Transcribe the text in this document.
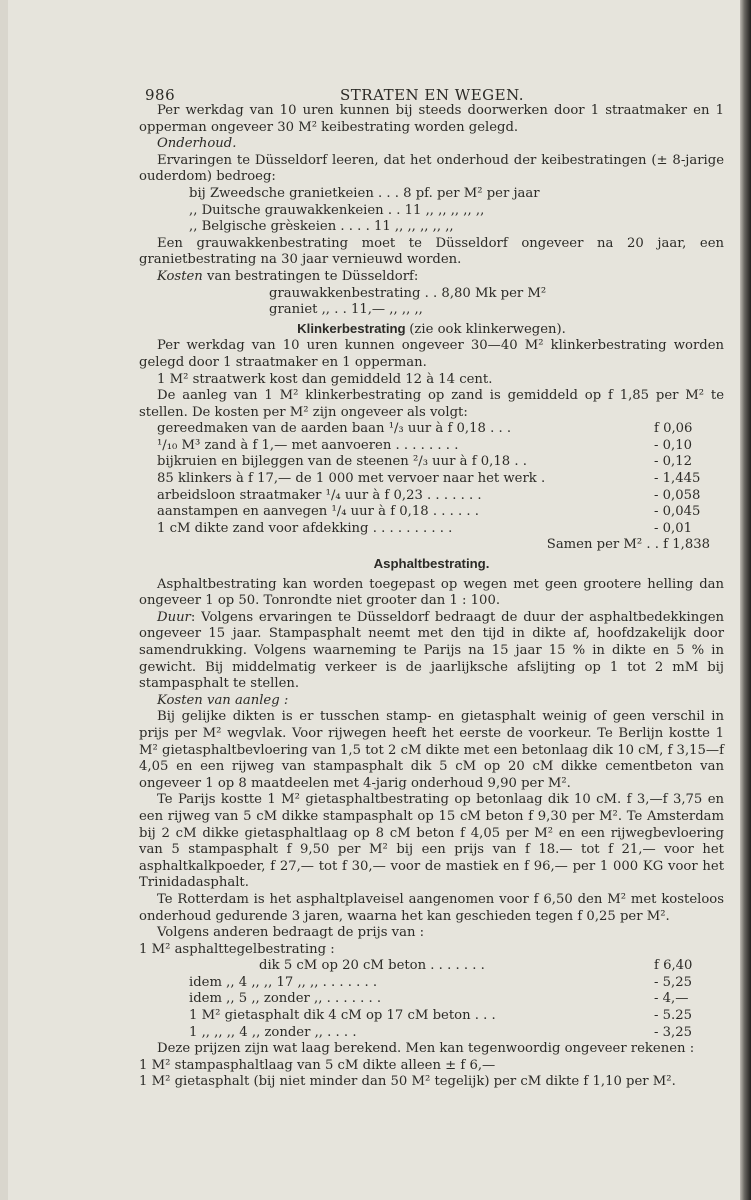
986	STRATEN EN WEGEN.

Per werkdag van 10 uren kunnen bij steeds doorwerken door 1 straatmaker en 1 opperman ongeveer 30 M² keibestrating worden gelegd.

Onderhoud.

Ervaringen te Düsseldorf leeren, dat het onderhoud der keibestratingen (± 8-jarige ouderdom) bedroeg:

bij Zweedsche granietkeien . . . 8 pf. per M² per jaar

,, Duitsche grauwakkenkeien . . 11 ,, ,, ,, ,, ,,

,, Belgische grèskeien . . . . 11 ,, ,, ,, ,, ,,

Een grauwakkenbestrating moet te Düsseldorf ongeveer na 20 jaar, een granietbestrating na 30 jaar vernieuwd worden.

Kosten van bestratingen te Düsseldorf:

grauwakkenbestrating . . 8,80 Mk per M²

graniet ,, . . 11,— ,, ,, ,,

Klinkerbestrating (zie ook klinkerwegen).

Per werkdag van 10 uren kunnen ongeveer 30—40 M² klinkerbestrating worden gelegd door 1 straatmaker en 1 opperman.

1 M² straatwerk kost dan gemiddeld 12 à 14 cent.

De aanleg van 1 M² klinkerbestrating op zand is gemiddeld op f 1,85 per M² te stellen. De kosten per M² zijn ongeveer als volgt:

gereedmaken van de aarden baan ¹/₃ uur à f 0,18 . . .	f 0,06
¹/₁₀ M³ zand à f 1,— met aanvoeren . . . . . . . .	- 0,10
bijkruien en bijleggen van de steenen ²/₃ uur à f 0,18 . .	- 0,12
85 klinkers à f 17,— de 1 000 met vervoer naar het werk .	- 1,445
arbeidsloon straatmaker ¹/₄ uur à f 0,23 . . . . . . .	- 0,058
aanstampen en aanvegen ¹/₄ uur à f 0,18 . . . . . .	- 0,045
1 cM dikte zand voor afdekking . . . . . . . . . .	- 0,01

Samen per M² . . f 1,838

Asphaltbestrating.

Asphaltbestrating kan worden toegepast op wegen met geen grootere helling dan ongeveer 1 op 50. Tonrondte niet grooter dan 1 : 100.

Duur: Volgens ervaringen te Düsseldorf bedraagt de duur der asphaltbedekkingen ongeveer 15 jaar. Stampasphalt neemt met den tijd in dikte af, hoofdzakelijk door samendrukking. Volgens waarneming te Parijs na 15 jaar 15 % in dikte en 5 % in gewicht. Bij middelmatig verkeer is de jaarlijksche afslijting op 1 tot 2 mM bij stampasphalt te stellen.

Kosten van aanleg :

Bij gelijke dikten is er tusschen stamp- en gietasphalt weinig of geen verschil in prijs per M² wegvlak. Voor rijwegen heeft het eerste de voorkeur. Te Berlijn kostte 1 M² gietasphaltbevloering van 1,5 tot 2 cM dikte met een betonlaag dik 10 cM, f 3,15—f 4,05 en een rijweg van stampasphalt dik 5 cM op 20 cM dikke cementbeton van ongeveer 1 op 8 maatdeelen met 4-jarig onderhoud 9,90 per M².

Te Parijs kostte 1 M² gietasphaltbestrating op betonlaag dik 10 cM. f 3,—f 3,75 en een rijweg van 5 cM dikke stampasphalt op 15 cM beton f 9,30 per M². Te Amsterdam bij 2 cM dikke gietasphaltlaag op 8 cM beton f 4,05 per M² en een rijwegbevloering van 5 stampasphalt f 9,50 per M² bij een prijs van f 18.— tot f 21,— voor het asphaltkalkpoeder, f 27,— tot f 30,— voor de mastiek en f 96,— per 1 000 KG voor het Trinidadasphalt.

Te Rotterdam is het asphaltplaveisel aangenomen voor f 6,50 den M² met kosteloos onderhoud gedurende 3 jaren, waarna het kan geschieden tegen f 0,25 per M².

Volgens anderen bedraagt de prijs van :

1 M² asphalttegelbestrating :

dik 5 cM op 20 cM beton . . . . . . .	f 6,40
idem ,, 4 ,, ,, 17 ,, ,, . . . . . . .	- 5,25
idem ,, 5 ,, zonder ,, . . . . . . .	- 4,—
1 M² gietasphalt dik 4 cM op 17 cM beton . . .	- 5.25
1 ,, ,, ,, 4 ,, zonder ,, . . . .	- 3,25

Deze prijzen zijn wat laag berekend. Men kan tegenwoordig ongeveer rekenen :

1 M² stampasphaltlaag van 5 cM dikte alleen ± f 6,—

1 M² gietasphalt (bij niet minder dan 50 M² tegelijk) per cM dikte f 1,10 per M².
